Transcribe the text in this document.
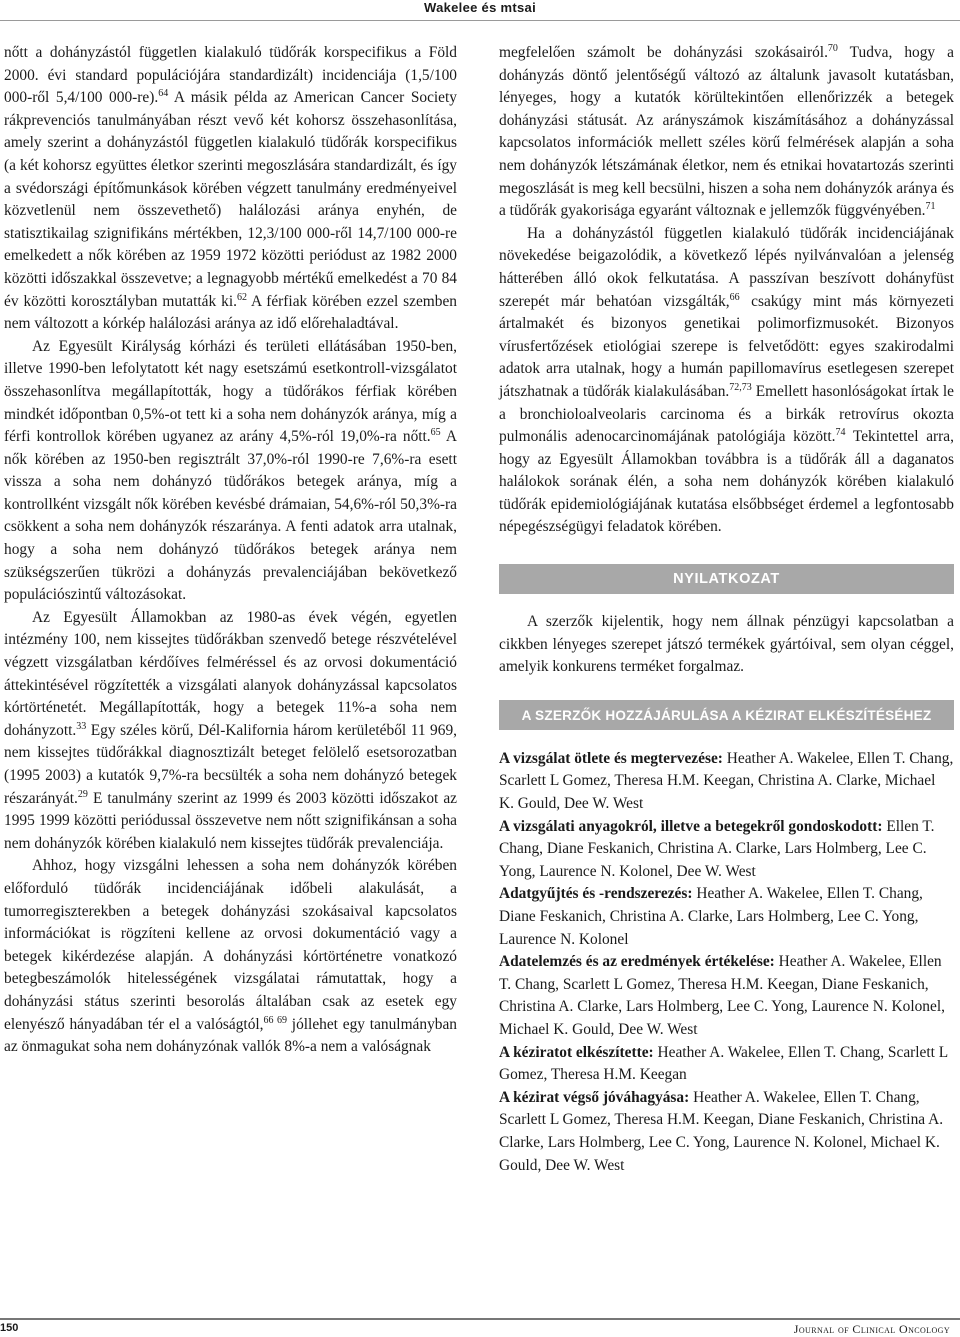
Wakelee és mtsai

nőtt a dohányzástól független kialakuló tüdőrák korspecifikus a Föld 2000. évi standard populációjára standardizált) incidenciája (1,5/100 000-ről 5,4/100 000-re).$^{64}$ A másik példa az American Cancer Society rákprevenciós tanulmányában részt vevő két kohorsz összehasonlítása, amely szerint a dohányzástól független kialakuló tüdőrák korspecifikus (a két kohorsz együttes életkor szerinti megoszlására standardizált, és így a svédországi építőmunkások körében végzett tanulmány eredményeivel közvetlenül nem összevethető) halálozási aránya enyhén, de statisztikailag szignifikáns mértékben, 12,3/100 000-ről 14,7/100 000-re emelkedett a nők körében az 1959 1972 közötti periódust az 1982 2000 közötti időszakkal összevetve; a legnagyobb mértékű emelkedést a 70 84 év közötti korosztályban mutatták ki.$^{62}$ A férfiak körében ezzel szemben nem változott a kórkép halálozási aránya az idő előrehaladtával.

Az Egyesült Királyság kórházi és területi ellátásában 1950-ben, illetve 1990-ben lefolytatott két nagy esetszámú esetkontroll-vizsgálatot összehasonlítva megállapították, hogy a tüdőrákos férfiak körében mindkét időpontban 0,5%-ot tett ki a soha nem dohányzók aránya, míg a férfi kontrollok körében ugyanez az arány 4,5%-ról 19,0%-ra nőtt.$^{65}$ A nők körében az 1950-ben regisztrált 37,0%-ról 1990-re 7,6%-ra esett vissza a soha nem dohányzó tüdőrákos betegek aránya, míg a kontrollként vizsgált nők körében kevésbé drámaian, 54,6%-ról 50,3%-ra csökkent a soha nem dohányzók részaránya. A fenti adatok arra utalnak, hogy a soha nem dohányzó tüdőrákos betegek aránya nem szükségszerűen tükrözi a dohányzás prevalenciájában bekövetkező populációszintű változásokat.

Az Egyesült Államokban az 1980-as évek végén, egyetlen intézmény 100, nem kissejtes tüdőrákban szenvedő betege részvételével végzett vizsgálatban kérdőíves felméréssel és az orvosi dokumentáció áttekintésével rögzítették a vizsgálati alanyok dohányzással kapcsolatos kórtörténetét. Megállapították, hogy a betegek 11%-a soha nem dohányzott.$^{33}$ Egy széles körű, Dél-Kalifornia három kerületéből 11 969, nem kissejtes tüdőrákkal diagnosztizált beteget felölelő esetsorozatban (1995 2003) a kutatók 9,7%-ra becsülték a soha nem dohányzó betegek részarányát.$^{29}$ E tanulmány szerint az 1999 és 2003 közötti időszakot az 1995 1999 közötti periódussal összevetve nem nőtt szignifikánsan a soha nem dohányzók körében kialakuló nem kissejtes tüdőrák prevalenciája.

Ahhoz, hogy vizsgálni lehessen a soha nem dohányzók körében előforduló tüdőrák incidenciájának időbeli alakulását, a tumorregiszterekben a betegek dohányzási szokásaival kapcsolatos információkat is rögzíteni kellene az orvosi dokumentáció vagy a betegek kikérdezése alapján. A dohányzási kórtörténetre vonatkozó betegbeszámolók hitelességének vizsgálatai rámutattak, hogy a dohányzási státus szerinti besorolás általában csak az esetek egy elenyésző hányadában tér el a valóságtól,$^{66 69}$ jóllehet egy tanulmányban az önmagukat soha nem dohányzónak vallók 8%-a nem a valóságnak

megfelelően számolt be dohányzási szokásairól.$^{70}$ Tudva, hogy a dohányzás döntő jelentőségű változó az általunk javasolt kutatásban, lényeges, hogy a kutatók körültekintően ellenőrizzék a betegek dohányzási státusát. Az arányszámok kiszámításához a dohányzással kapcsolatos információk mellett széles körű felmérések alapján a soha nem dohányzók létszámának életkor, nem és etnikai hovatartozás szerinti megoszlását is meg kell becsülni, hiszen a soha nem dohányzók aránya és a tüdőrák gyakorisága egyaránt változnak e jellemzők függvényében.$^{71}$

Ha a dohányzástól független kialakuló tüdőrák incidenciájának növekedése beigazolódik, a következő lépés nyilvánvalóan a jelenség hátterében álló okok felkutatása. A passzívan beszívott dohányfüst szerepét már behatóan vizsgálták,$^{66}$ csakúgy mint más környezeti ártalmakét és bizonyos genetikai polimorfizmusokét. Bizonyos vírusfertőzések etiológiai szerepe is felvetődött: egyes szakirodalmi adatok arra utalnak, hogy a humán papillomavírus esetlegesen szerepet játszhatnak a tüdőrák kialakulásában.$^{72,73}$ Emellett hasonlóságokat írtak le a bronchioloalveolaris carcinoma és a birkák retrovírus okozta pulmonális adenocarcinomájának patológiája között.$^{74}$ Tekintettel arra, hogy az Egyesült Államokban továbbra is a tüdőrák áll a daganatos halálokok sorának élén, a soha nem dohányzók körében kialakuló tüdőrák epidemiológiájának kutatása elsőbbséget érdemel a legfontosabb népegészségügyi feladatok körében.

NYILATKOZAT

A szerzők kijelentik, hogy nem állnak pénzügyi kapcsolatban a cikkben lényeges szerepet játszó termékek gyártóival, sem olyan céggel, amelyik konkurens terméket forgalmaz.

A SZERZŐK HOZZÁJÁRULÁSA A KÉZIRAT ELKÉSZÍTÉSÉHEZ

A vizsgálat ötlete és megtervezése: Heather A. Wakelee, Ellen T. Chang, Scarlett L Gomez, Theresa H.M. Keegan, Christina A. Clarke, Michael K. Gould, Dee W. West

A vizsgálati anyagokról, illetve a betegekről gondoskodott: Ellen T. Chang, Diane Feskanich, Christina A. Clarke, Lars Holmberg, Lee C. Yong, Laurence N. Kolonel, Dee W. West

Adatgyűjtés és -rendszerezés: Heather A. Wakelee, Ellen T. Chang, Diane Feskanich, Christina A. Clarke, Lars Holmberg, Lee C. Yong, Laurence N. Kolonel

Adatelemzés és az eredmények értékelése: Heather A. Wakelee, Ellen T. Chang, Scarlett L Gomez, Theresa H.M. Keegan, Diane Feskanich, Christina A. Clarke, Lars Holmberg, Lee C. Yong, Laurence N. Kolonel, Michael K. Gould, Dee W. West

A kéziratot elkészítette: Heather A. Wakelee, Ellen T. Chang, Scarlett L Gomez, Theresa H.M. Keegan

A kézirat végső jóváhagyása: Heather A. Wakelee, Ellen T. Chang, Scarlett L Gomez, Theresa H.M. Keegan, Diane Feskanich, Christina A. Clarke, Lars Holmberg, Lee C. Yong, Laurence N. Kolonel, Michael K. Gould, Dee W. West

150	Journal of Clinical Oncology
